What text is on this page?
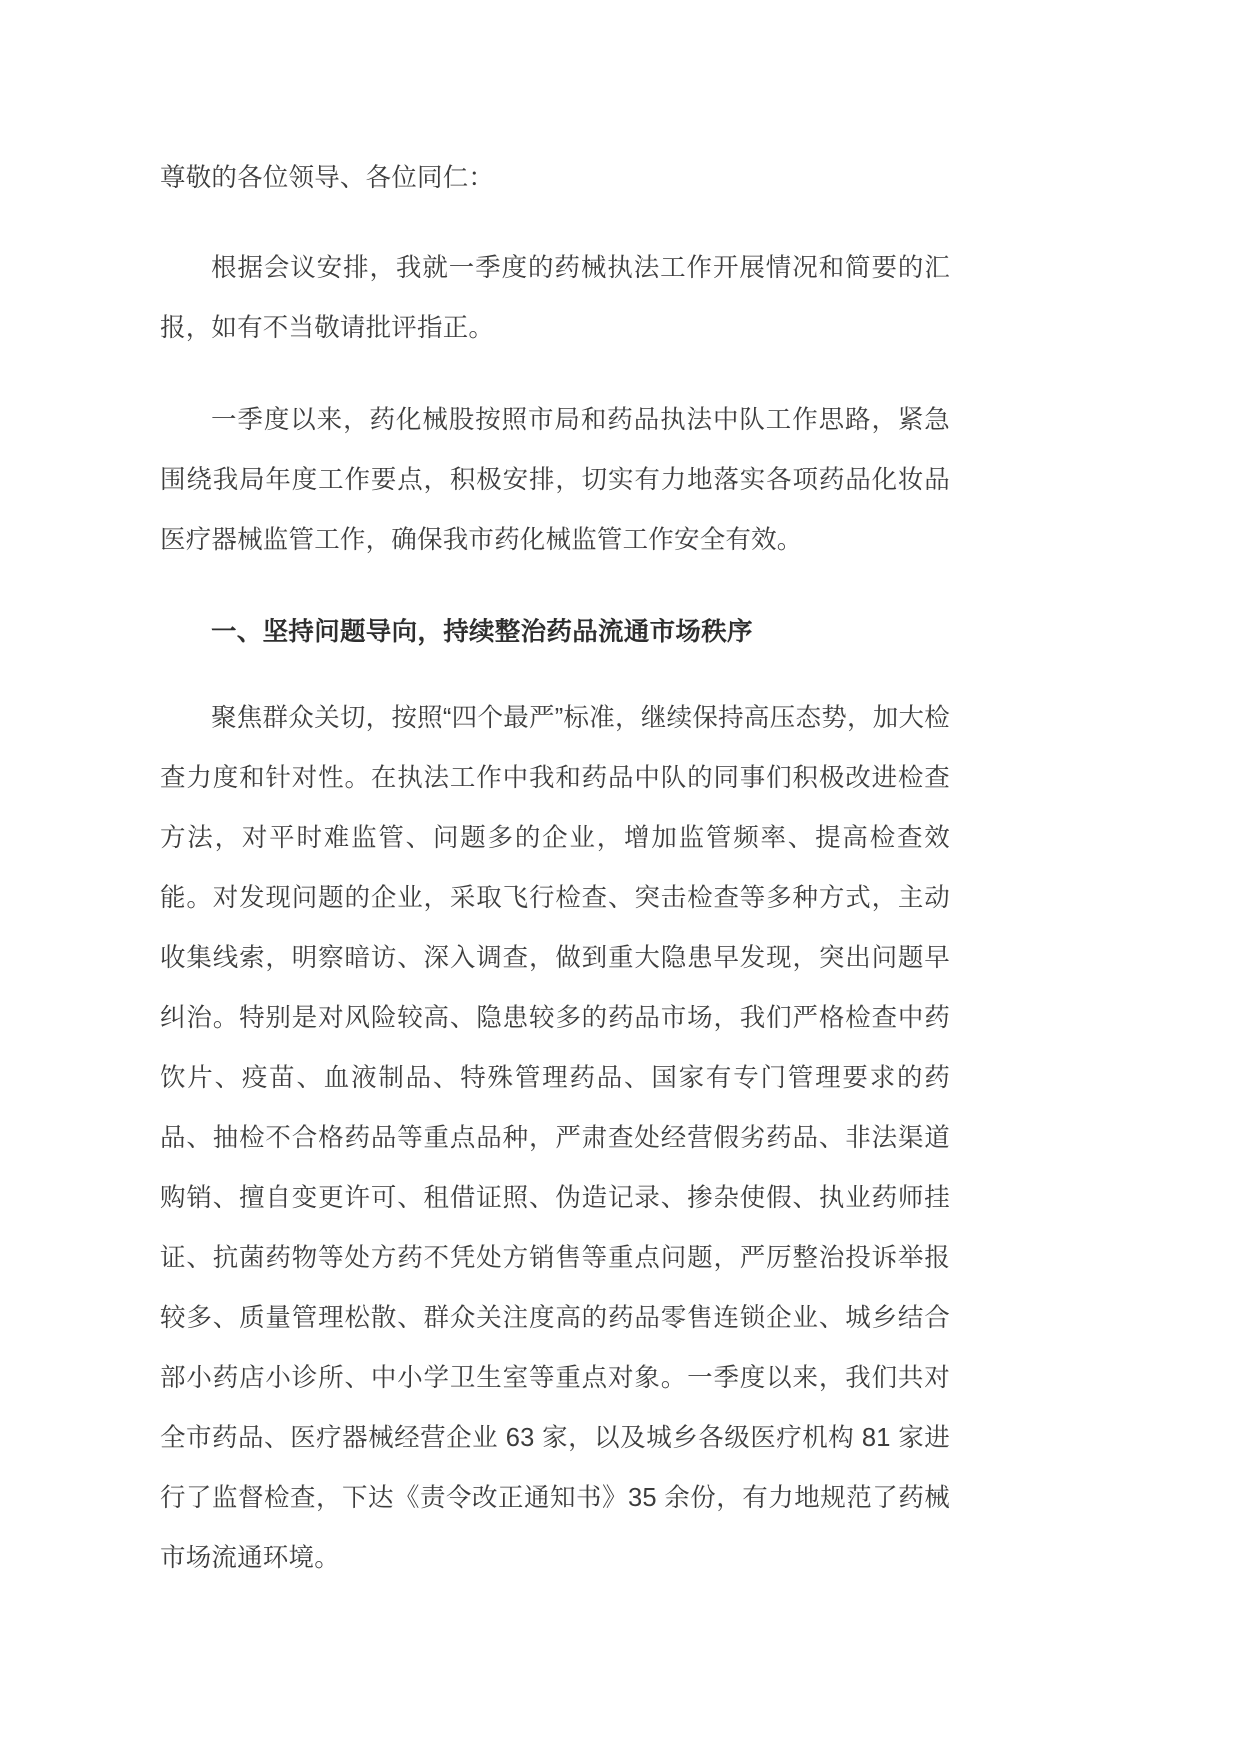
尊敬的各位领导、各位同仁：

根据会议安排，我就一季度的药械执法工作开展情况和简要的汇报，如有不当敬请批评指正。

一季度以来，药化械股按照市局和药品执法中队工作思路，紧急围绕我局年度工作要点，积极安排，切实有力地落实各项药品化妆品医疗器械监管工作，确保我市药化械监管工作安全有效。

一、坚持问题导向，持续整治药品流通市场秩序

聚焦群众关切，按照“四个最严”标准，继续保持高压态势，加大检查力度和针对性。在执法工作中我和药品中队的同事们积极改进检查方法，对平时难监管、问题多的企业，增加监管频率、提高检查效能。对发现问题的企业，采取飞行检查、突击检查等多种方式，主动收集线索，明察暗访、深入调查，做到重大隐患早发现，突出问题早纠治。特别是对风险较高、隐患较多的药品市场，我们严格检查中药饮片、疫苗、血液制品、特殊管理药品、国家有专门管理要求的药品、抽检不合格药品等重点品种，严肃查处经营假劣药品、非法渠道购销、擅自变更许可、租借证照、伪造记录、掺杂使假、执业药师挂证、抗菌药物等处方药不凭处方销售等重点问题，严厉整治投诉举报较多、质量管理松散、群众关注度高的药品零售连锁企业、城乡结合部小药店小诊所、中小学卫生室等重点对象。一季度以来，我们共对全市药品、医疗器械经营企业 63 家，以及城乡各级医疗机构 81 家进行了监督检查，下达《责令改正通知书》35 余份，有力地规范了药械市场流通环境。
